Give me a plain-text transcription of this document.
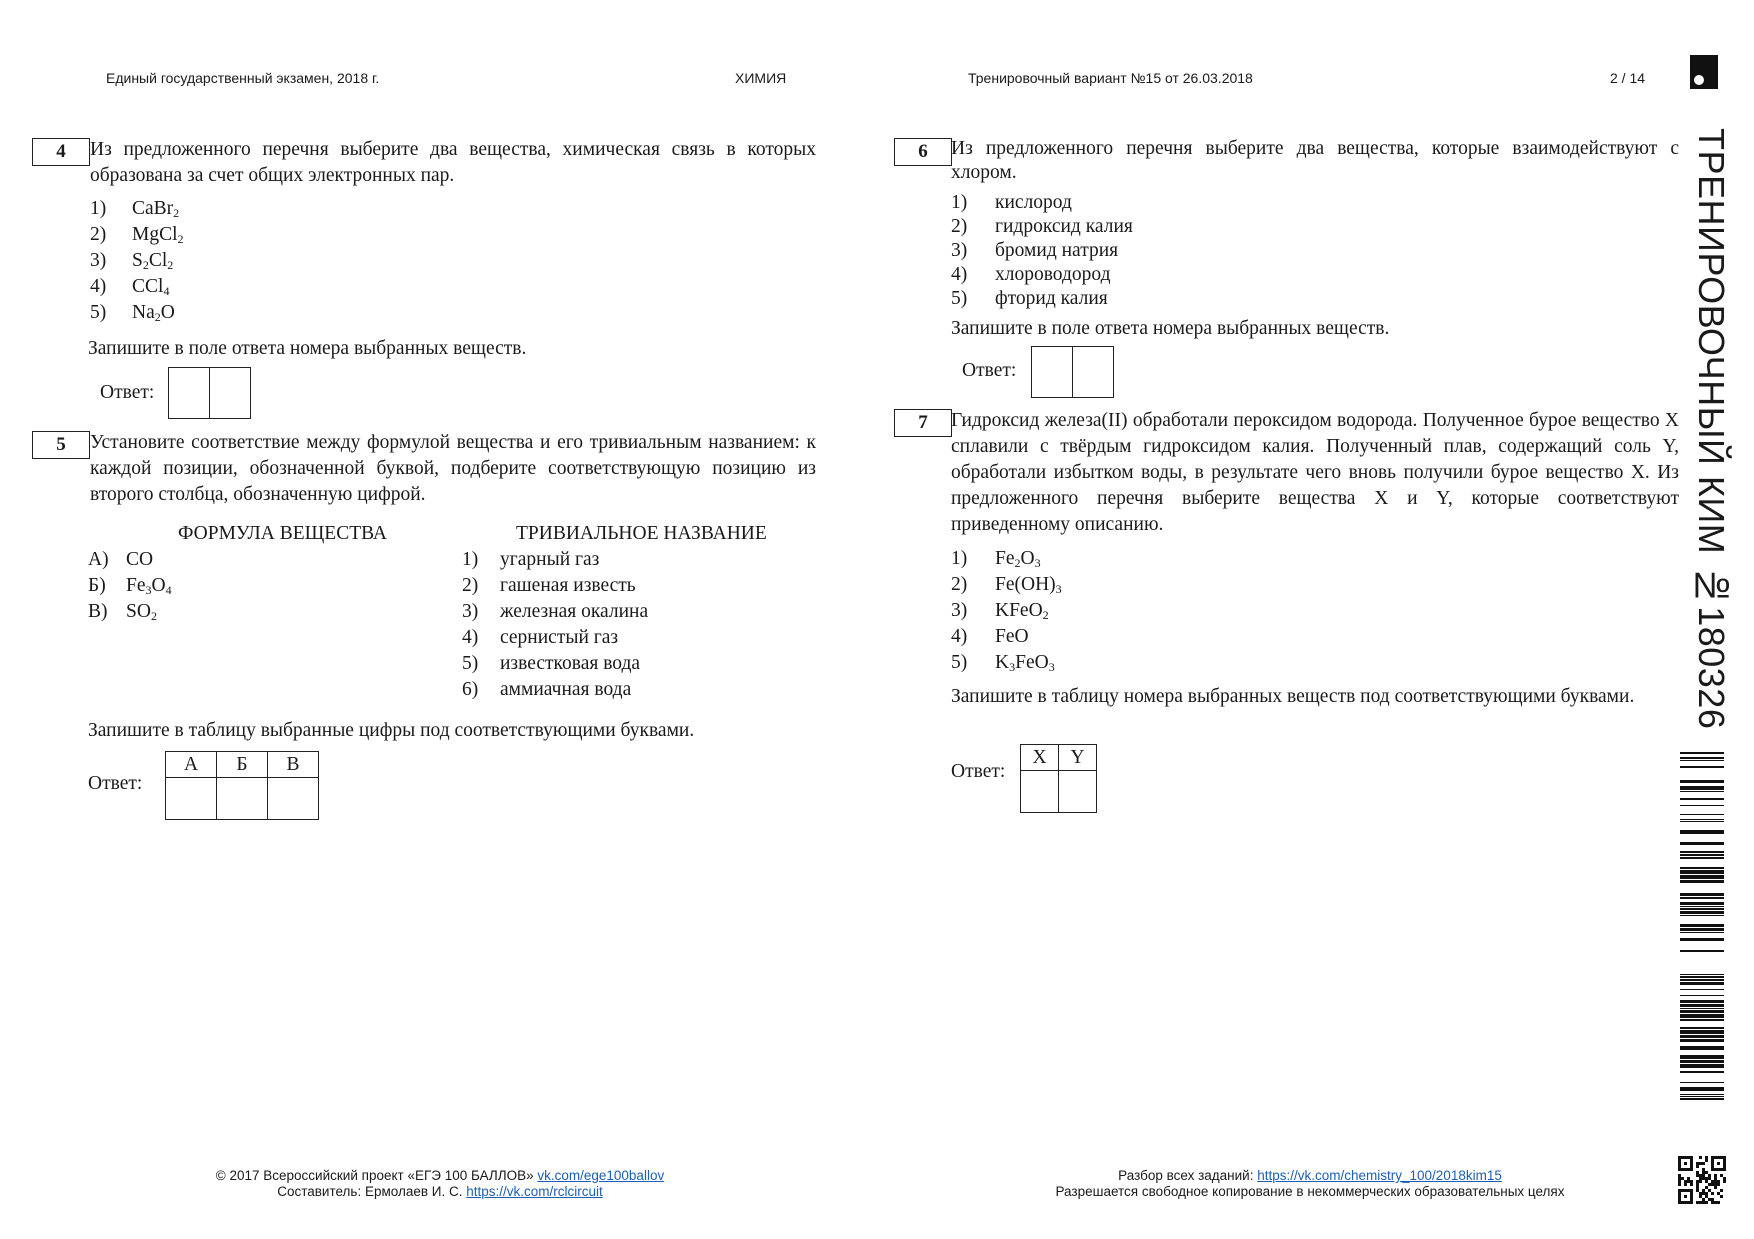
Единый государственный экзамен, 2018 г.	ХИМИЯ	Тренировочный вариант №15 от 26.03.2018	2 / 14
ТРЕНИРОВОЧНЫЙ КИМ №180326
4	Из предложенного перечня выберите два вещества, химическая связь в которых образована за счет общих электронных пар.
1)	CaBr$_2$
2)	MgCl$_2$
3)	$S_2Cl_2$
4)	CCl$_4$
5)	$Na_2O$
Запишите в поле ответа номера выбранных веществ.
Ответ:
5	Установите соответствие между формулой вещества и его тривиальным названием: к каждой позиции, обозначенной буквой, подберите соответствующую позицию из второго столбца, обозначенную цифрой.
ФОРМУЛА ВЕЩЕСТВА	ТРИВИАЛЬНОЕ НАЗВАНИЕ
А) CO
Б)	$Fe_3O_4$
В) $SO_2$
1)	угарный газ
2)	гашеная известь
3)	железная окалина
4)	сернистый газ
5)	известковая вода
6)	аммиачная вода
Запишите в таблицу выбранные цифры под соответствующими буквами.
Ответ:
А	Б	В

6	Из предложенного перечня выберите два вещества, которые взаимодействуют с хлором.
1)	кислород
2)	гидроксид калия
3)	бромид натрия
4)	хлороводород
5)	фторид калия
Запишите в поле ответа номера выбранных веществ.
Ответ:
7	Гидроксид железа(II) обработали пероксидом водорода. Полученное бурое вещество X сплавили с твёрдым гидроксидом калия. Полученный плав, содержащий соль Y, обработали избытком воды, в результате чего вновь получили бурое вещество X. Из предложенного перечня выберите вещества X и Y, которые соответствуют приведенному описанию.
1)	$Fe_2O_3$
2)	$Fe(OH)_3$
3)	KFeO$_2$
4)	FeO
5)	$K_3FeO_3$
Запишите в таблицу номера выбранных веществ под соответствующими буквами.
Ответ:
X	Y

© 2017 Всероссийский проект «ЕГЭ 100 БАЛЛОВ» vk.com/ege100ballov
Составитель: Ермолаев И. С. https://vk.com/rclcircuit
Разбор всех заданий: https://vk.com/chemistry_100/2018kim15
Разрешается свободное копирование в некоммерческих образовательных целях
